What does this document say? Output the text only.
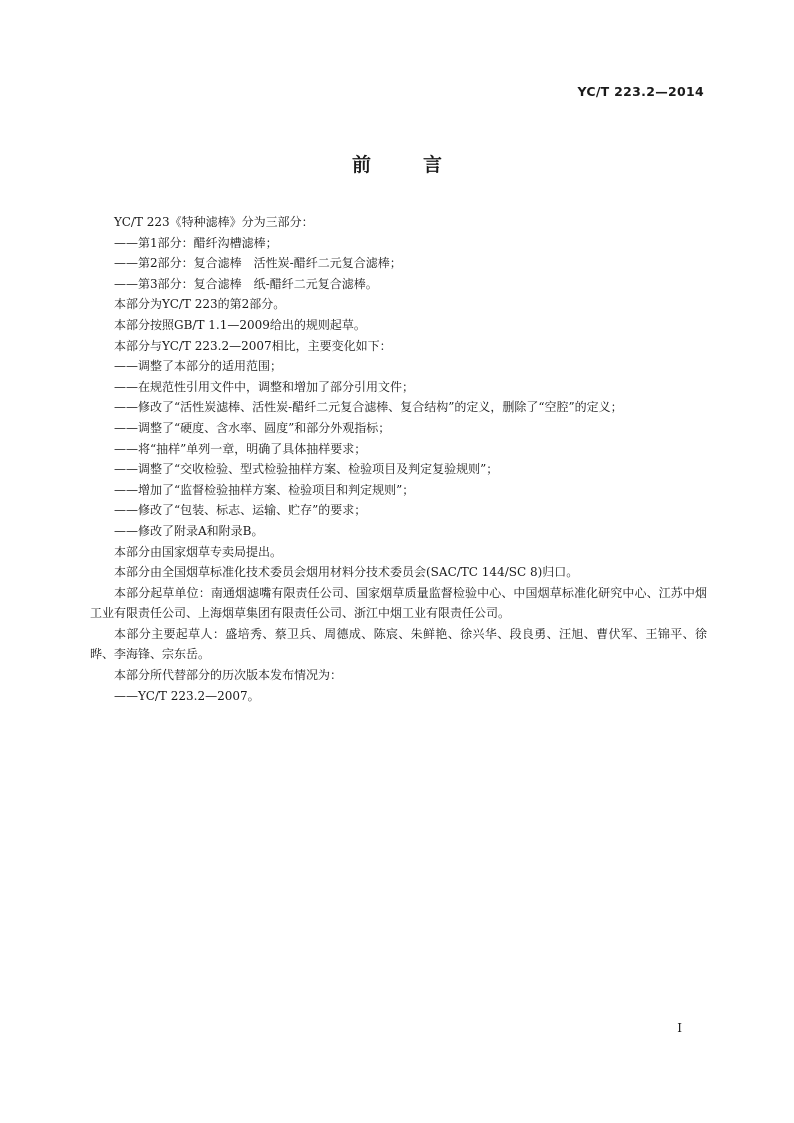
YC/T 223.2—2014
前言

YC/T 223《特种滤棒》分为三部分：

——第1部分：醋纤沟槽滤棒；

——第2部分：复合滤棒　活性炭-醋纤二元复合滤棒；

——第3部分：复合滤棒　纸-醋纤二元复合滤棒。

本部分为YC/T 223的第2部分。

本部分按照GB/T 1.1—2009给出的规则起草。

本部分与YC/T 223.2—2007相比，主要变化如下：

——调整了本部分的适用范围；

——在规范性引用文件中，调整和增加了部分引用文件；

——修改了“活性炭滤棒、活性炭-醋纤二元复合滤棒、复合结构”的定义，删除了“空腔”的定义；

——调整了“硬度、含水率、圆度”和部分外观指标；

——将“抽样”单列一章，明确了具体抽样要求；

——调整了“交收检验、型式检验抽样方案、检验项目及判定复验规则”；

——增加了“监督检验抽样方案、检验项目和判定规则”；

——修改了“包装、标志、运输、贮存”的要求；

——修改了附录A和附录B。

本部分由国家烟草专卖局提出。

本部分由全国烟草标准化技术委员会烟用材料分技术委员会(SAC/TC 144/SC 8)归口。

本部分起草单位：南通烟滤嘴有限责任公司、国家烟草质量监督检验中心、中国烟草标准化研究中心、江苏中烟工业有限责任公司、上海烟草集团有限责任公司、浙江中烟工业有限责任公司。

本部分主要起草人：盛培秀、蔡卫兵、周德成、陈宸、朱鲜艳、徐兴华、段良勇、汪旭、曹伏军、王锦平、徐晔、李海锋、宗东岳。

本部分所代替部分的历次版本发布情况为：

——YC/T 223.2—2007。

I
